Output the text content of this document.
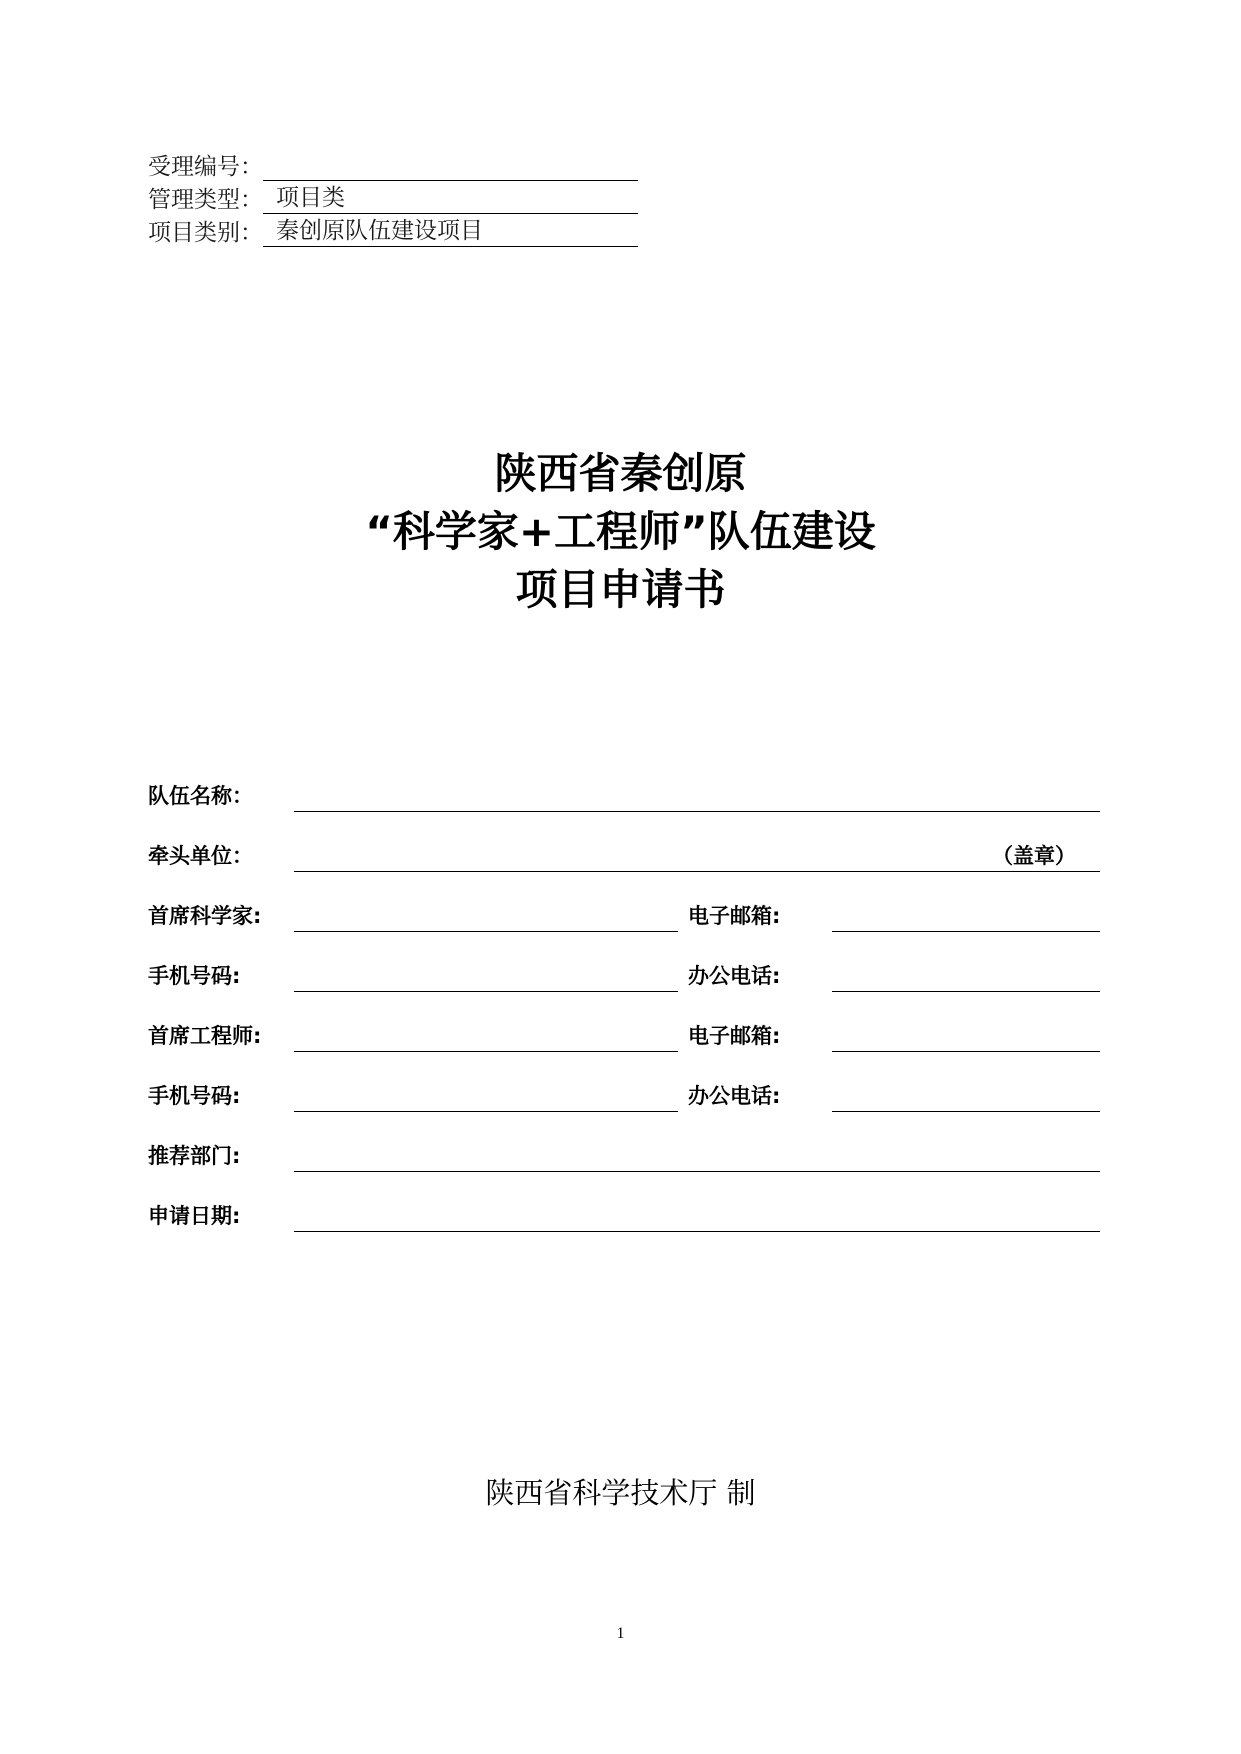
受理编号：
管理类型： 项目类
项目类别： 秦创原队伍建设项目
陕西省秦创原
“科学家+工程师”队伍建设
项目申请书
队伍名称：
牵头单位：	（盖章）
首席科学家:	电子邮箱:
手机号码:	办公电话:
首席工程师:	电子邮箱:
手机号码:	办公电话:
推荐部门:
申请日期:
陕西省科学技术厅 制
1
